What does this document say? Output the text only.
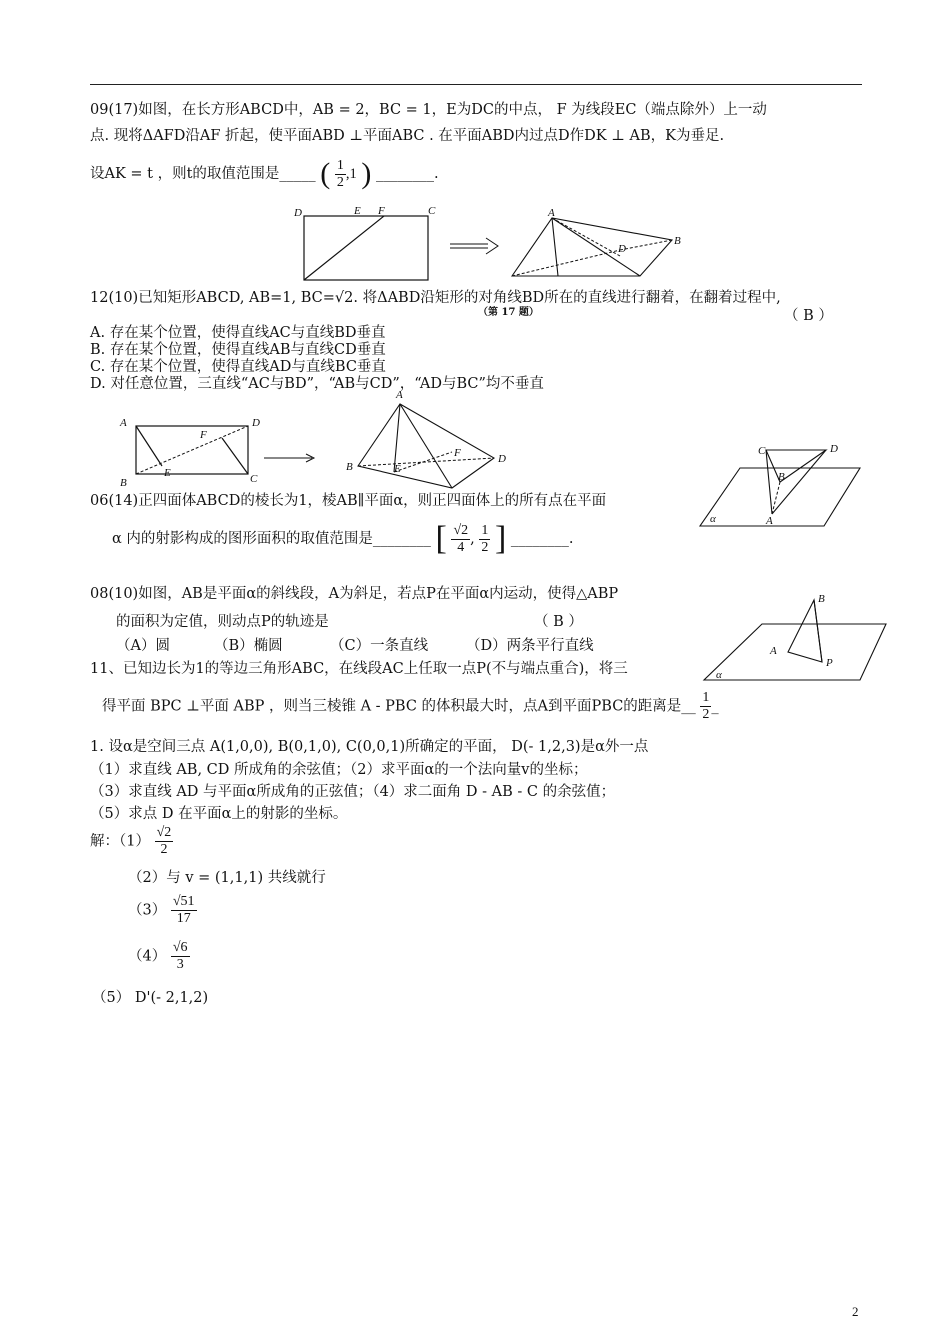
09(17)如图，在长方形ABCD中，AB = 2，BC = 1，E为DC的中点， F 为线段EC（端点除外）上一动
点. 现将ΔAFD沿AF 折起，使平面ABD ⊥平面ABC . 在平面ABD内过点D作DK ⊥ AB，K为垂足.
设AK = t ，则t的取值范围是_____ ( $\frac{1}{2} ,1$ ) ________.
D	E F	C	A
B
D
（第 17 题）
12(10)已知矩形ABCD, AB=1, BC=√2. 将ΔABD沿矩形的对角线BD所在的直线进行翻着，在翻着过程中,
（ B ）
A. 存在某个位置，使得直线AC与直线BD垂直
B. 存在某个位置，使得直线AB与直线CD垂直
C. 存在某个位置，使得直线AD与直线BC垂直
D. 对任意位置，三直线“AC与BD”，“AB与CD”，“AD与BC”均不垂直
A	D
F
E
B	C
A
B	E
F	D
06(14)正四面体ABCD的棱长为1，棱AB∥平面α，则正四面体上的所有点在平面
α 内的射影构成的图形面积的取值范围是________ [ $\frac{√2}{4}$ , $\frac{1}{2}$ ] ________.
C	D
B
A
α
08(10)如图，AB是平面α的斜线段，A为斜足，若点P在平面α内运动，使得△ABP
的面积为定值，则动点P的轨迹是	（ B ）
（A）圆	（B）椭圆	（C）一条直线	（D）两条平行直线
B
A
P
α
11、已知边长为1的等边三角形ABC，在线段AC上任取一点P(不与端点重合)，将三
得平面 BPC ⊥平面 ABP ，则当三棱锥 A - PBC 的体积最大时，点A到平面PBC的距离是__ $\frac{1}{2}$ _
1. 设α是空间三点 A(1,0,0), B(0,1,0), C(0,0,1)所确定的平面， D(- 1,2,3)是α外一点
（1）求直线 AB, CD 所成角的余弦值；（2）求平面α的一个法向量v的坐标；
（3）求直线 AD 与平面α所成角的正弦值；（4）求二面角 D - AB - C 的余弦值；
（5）求点 D 在平面α上的射影的坐标。
解：$(1) \frac{√2}{2}$
（2）与 v = (1,1,1) 共线就行
$(3) \frac{√51}{17}$
$(4) \frac{√6}{3}$
（5） D'(- 2,1,2)
2
